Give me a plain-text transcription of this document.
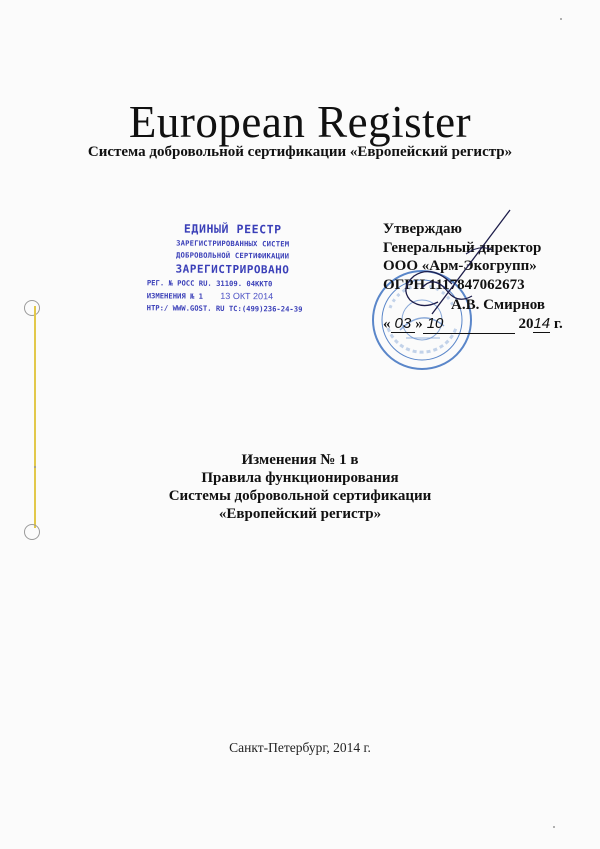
European Register
Система добровольной сертификации «Европейский регистр»
ЕДИНЫЙ РЕЕСТР
ЗАРЕГИСТРИРОВАННЫХ СИСТЕМ
ДОБРОВОЛЬНОЙ СЕРТИФИКАЦИИ
ЗАРЕГИСТРИРОВАНО
РЕГ. № РОСС RU. 31109. 04ККТ0
ИЗМЕНЕНИЯ № 1 13 ОКТ 2014
НТР:/ WWW.GOST. RU ТС:(499)236-24-39
Утверждаю
Генеральный директор
ООО «Арм-Экогрупп»
ОГРН 1117847062673
А.В. Смирнов
« 03 » 10	2014 г.
Изменения № 1 в
Правила функционирования
Системы добровольной сертификации
«Европейский регистр»
Санкт-Петербург, 2014 г.
